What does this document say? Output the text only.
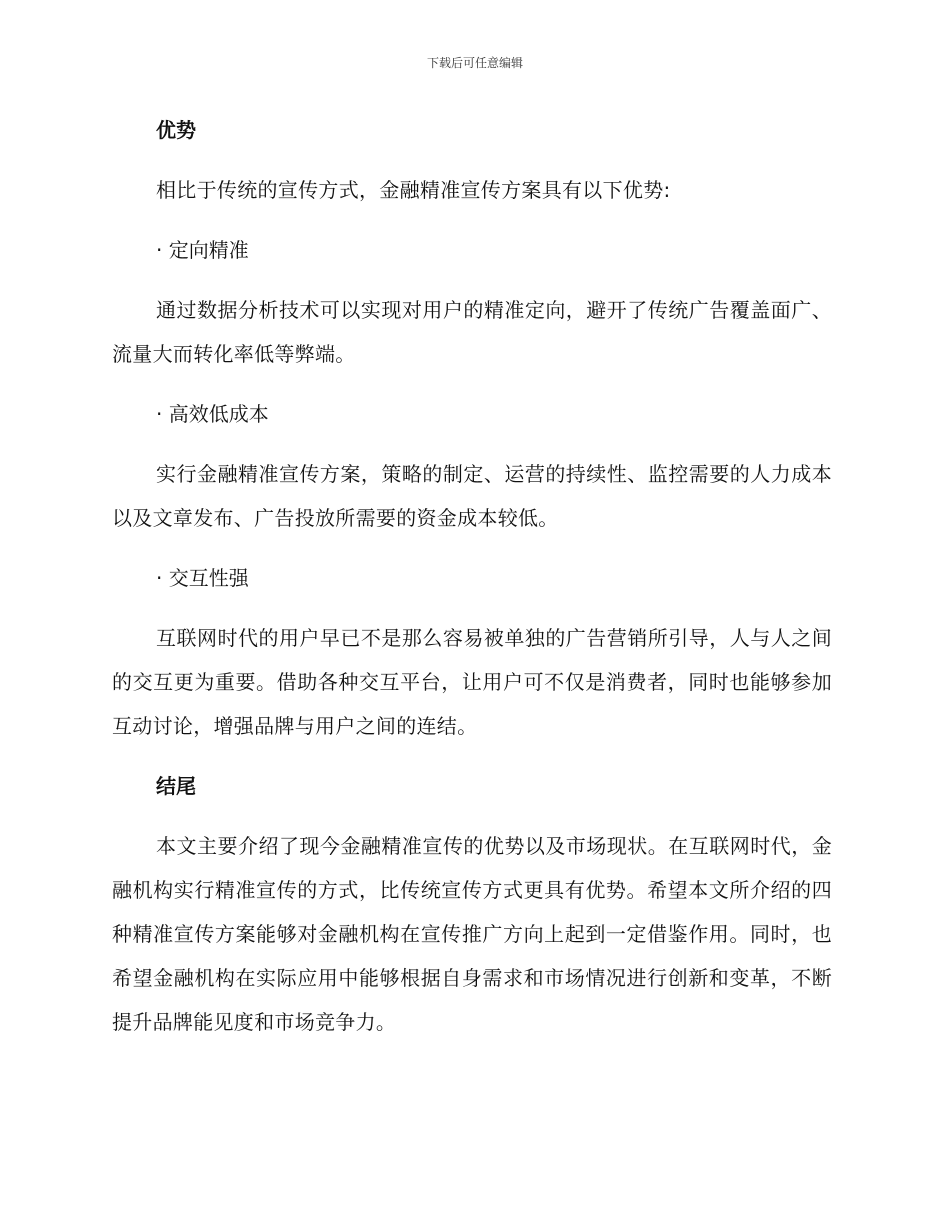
下载后可任意编辑

优势

相比于传统的宣传方式，金融精准宣传方案具有以下优势:

· 定向精准

通过数据分析技术可以实现对用户的精准定向，避开了传统广告覆盖面广、流量大而转化率低等弊端。

· 高效低成本

实行金融精准宣传方案，策略的制定、运营的持续性、监控需要的人力成本以及文章发布、广告投放所需要的资金成本较低。

· 交互性强

互联网时代的用户早已不是那么容易被单独的广告营销所引导，人与人之间的交互更为重要。借助各种交互平台，让用户可不仅是消费者，同时也能够参加互动讨论，增强品牌与用户之间的连结。

结尾

本文主要介绍了现今金融精准宣传的优势以及市场现状。在互联网时代，金融机构实行精准宣传的方式，比传统宣传方式更具有优势。希望本文所介绍的四种精准宣传方案能够对金融机构在宣传推广方向上起到一定借鉴作用。同时，也希望金融机构在实际应用中能够根据自身需求和市场情况进行创新和变革，不断提升品牌能见度和市场竞争力。
